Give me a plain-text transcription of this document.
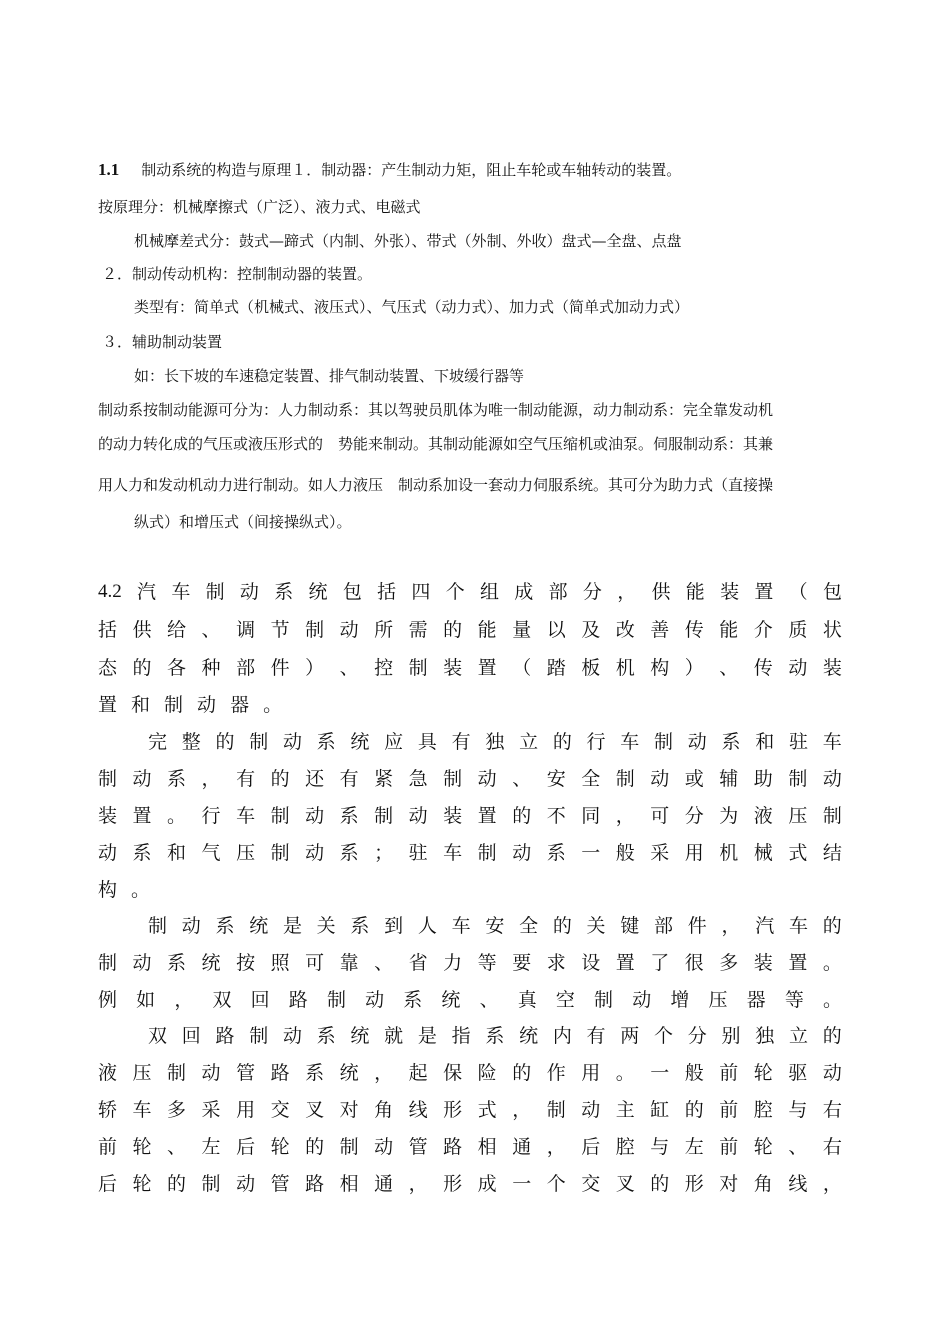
1.1 制动系统的构造与原理１．制动器：产生制动力矩，阻止车轮或车轴转动的装置。
按原理分：机械摩擦式（广泛）、液力式、电磁式
机械摩差式分：鼓式—蹄式（内制、外张）、带式（外制、外收）盘式—全盘、点盘
２．制动传动机构：控制制动器的装置。
类型有：简单式（机械式、液压式）、气压式（动力式）、加力式（简单式加动力式）
３．辅助制动装置
如：长下坡的车速稳定装置、排气制动装置、下坡缓行器等
制动系按制动能源可分为：人力制动系：其以驾驶员肌体为唯一制动能源，动力制动系：完全靠发动机
的动力转化成的气压或液压形式的　势能来制动。其制动能源如空气压缩机或油泵。伺服制动系：其兼
用人力和发动机动力进行制动。如人力液压　制动系加设一套动力伺服系统。其可分为助力式（直接操
纵式）和增压式（间接操纵式）。
4.2 汽 车 制 动 系 统 包 括 四 个 组 成 部 分 ， 供 能 装 置 （ 包
括 供 给 、 调 节 制 动 所 需 的 能 量 以 及 改 善 传 能 介 质 状
态 的 各 种 部 件 ） 、 控 制 装 置 （ 踏 板 机 构 ） 、 传 动 装
置 和 制 动 器 。
完 整 的 制 动 系 统 应 具 有 独 立 的 行 车 制 动 系 和 驻 车
制 动 系 ， 有 的 还 有 紧 急 制 动 、 安 全 制 动 或 辅 助 制 动
装 置 。 行 车 制 动 系 制 动 装 置 的 不 同 ， 可 分 为 液 压 制
动 系 和 气 压 制 动 系 ； 驻 车 制 动 系 一 般 采 用 机 械 式 结
构 。
制 动 系 统 是 关 系 到 人 车 安 全 的 关 键 部 件 ， 汽 车 的
制 动 系 统 按 照 可 靠 、 省 力 等 要 求 设 置 了 很 多 装 置 。
例 如 ， 双 回 路 制 动 系 统 、 真 空 制 动 增 压 器 等 。
双 回 路 制 动 系 统 就 是 指 系 统 内 有 两 个 分 别 独 立 的
液 压 制 动 管 路 系 统 ， 起 保 险 的 作 用 。 一 般 前 轮 驱 动
轿 车 多 采 用 交 叉 对 角 线 形 式 ， 制 动 主 缸 的 前 腔 与 右
前 轮 、 左 后 轮 的 制 动 管 路 相 通 ， 后 腔 与 左 前 轮 、 右
后 轮 的 制 动 管 路 相 通 ， 形 成 一 个 交 叉 的 形 对 角 线 ，
